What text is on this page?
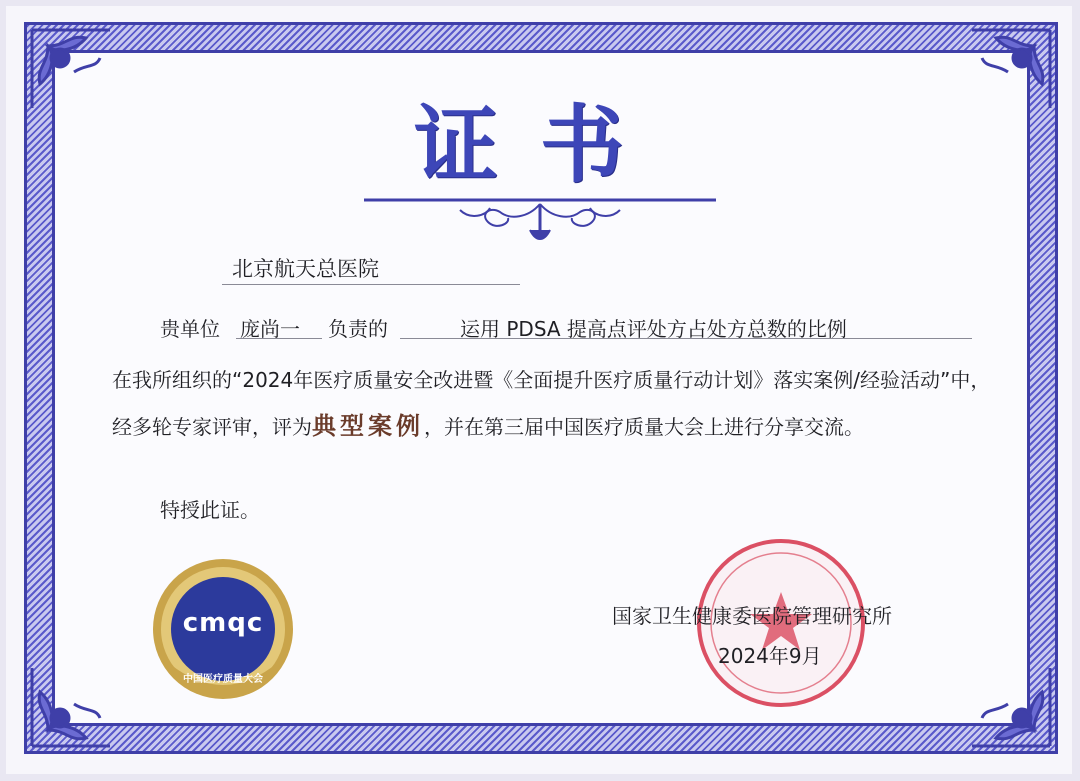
证书
北京航天总医院
贵单位 庞尚一 负责的	运用 PDSA 提高点评处方占处方总数的比例
在我所组织的“2024年医疗质量安全改进暨《全面提升医疗质量行动计划》落实案例/经验活动”中，经多轮专家评审，评为典型案例，并在第三届中国医疗质量大会上进行分享交流。
特授此证。
国家卫生健康委医院管理研究所
2024年9月
cmqc
中国医疗质量大会
